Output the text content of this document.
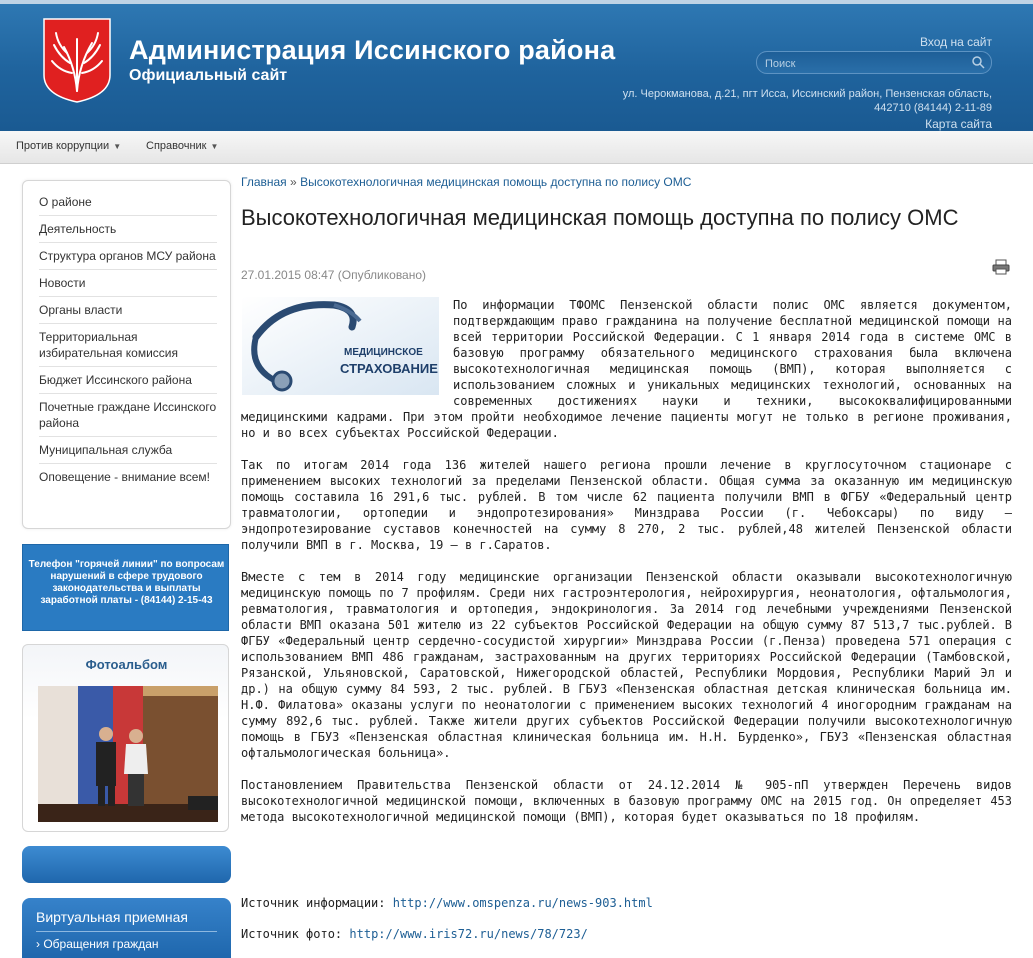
Администрация Иссинского района
Официальный сайт
Вход на сайт
Поиск
ул. Черокманова, д.21, пгт Исса, Иссинский район, Пензенская область, 442710 (84144) 2-11-89
Карта сайта
Против коррупции ▼ Справочник ▼
О районе
Деятельность
Структура органов МСУ района
Новости
Органы власти
Территориальная избирательная комиссия
Бюджет Иссинского района
Почетные граждане Иссинского района
Муниципальная служба
Оповещение - внимание всем!
Телефон "горячей линии" по вопросам нарушений в сфере трудового законодательства и выплаты заработной платы - (84144) 2-15-43
Фотоальбом
Виртуальная приемная
› Обращения граждан
Главная » Высокотехнологичная медицинская помощь доступна по полису ОМС
Высокотехнологичная медицинская помощь доступна по полису ОМС
27.01.2015 08:47 (Опубликовано)
МЕДИЦИНСКОЕ
СТРАХОВАНИЕ

По информации ТФОМС Пензенской области полис ОМС является документом, подтверждающим право гражданина на получение бесплатной медицинской помощи на всей территории Российской Федерации. С 1 января 2014 года в системе ОМС в базовую программу обязательного медицинского страхования была включена высокотехнологичная медицинская помощь (ВМП), которая выполняется с использованием сложных и уникальных медицинских технологий, основанных на современных достижениях науки и техники, высококвалифицированными медицинскими кадрами. При этом пройти необходимое лечение пациенты могут не только в регионе проживания, но и во всех субъектах Российской Федерации.

Так по итогам 2014 года 136 жителей нашего региона прошли лечение в круглосуточном стационаре с применением высоких технологий за пределами Пензенской области. Общая сумма за оказанную им медицинскую помощь составила 16 291,6 тыс. рублей. В том числе 62 пациента получили ВМП в ФГБУ «Федеральный центр травматологии, ортопедии и эндопротезирования» Минздрава России (г. Чебоксары) по виду – эндопротезирование суставов конечностей на сумму 8 270, 2 тыс. рублей,48 жителей Пензенской области получили ВМП в г. Москва, 19 – в г.Саратов.

Вместе с тем в 2014 году медицинские организации Пензенской области оказывали высокотехнологичную медицинскую помощь по 7 профилям. Среди них гастроэнтерология, нейрохирургия, неонатология, офтальмология, ревматология, травматология и ортопедия, эндокринология. За 2014 год лечебными учреждениями Пензенской области ВМП оказана 501 жителю из 22 субъектов Российской Федерации на общую сумму 87 513,7 тыс.рублей. В ФГБУ «Федеральный центр сердечно-сосудистой хирургии» Минздрава России (г.Пенза) проведена 571 операция с использованием ВМП 486 гражданам, застрахованным на других территориях Российской Федерации (Тамбовской, Рязанской, Ульяновской, Саратовской, Нижегородской областей, Республики Мордовия, Республики Марий Эл и др.) на общую сумму 84 593, 2 тыс. рублей. В ГБУЗ «Пензенская областная детская клиническая больница им. Н.Ф. Филатова» оказаны услуги по неонатологии с применением высоких технологий 4 иногородним гражданам на сумму 892,6 тыс. рублей. Также жители других субъектов Российской Федерации получили высокотехнологичную помощь в ГБУЗ «Пензенская областная клиническая больница им. Н.Н. Бурденко», ГБУЗ «Пензенская областная офтальмологическая больница».

Постановлением Правительства Пензенской области от 24.12.2014 № 905-пП утвержден Перечень видов высокотехнологичной медицинской помощи, включенных в базовую программу ОМС на 2015 год. Он определяет 453 метода высокотехнологичной медицинской помощи (ВМП), которая будет оказываться по 18 профилям.

Источник информации: http://www.omspenza.ru/news-903.html
Источник фото: http://www.iris72.ru/news/78/723/
